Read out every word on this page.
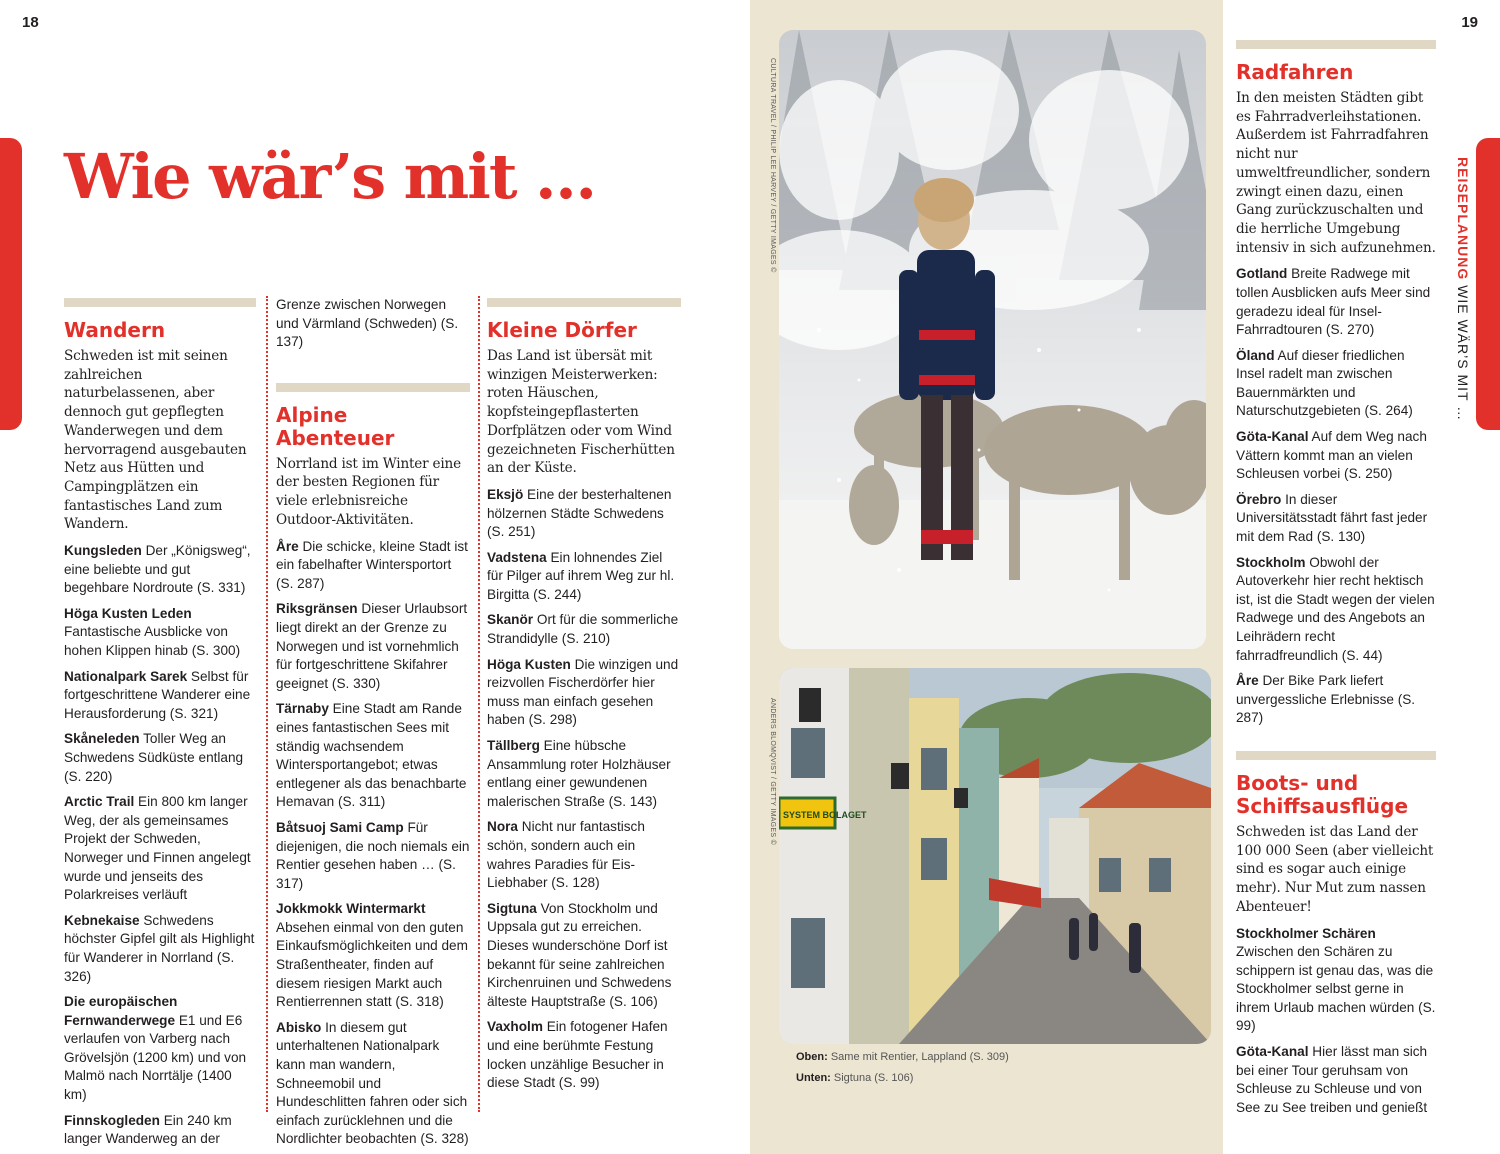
18	19
REISEPLANUNG WIE WÄR’S MIT …
Wie wär’s mit …
Wandern

Schweden ist mit seinen zahlreichen naturbelassenen, aber dennoch gut gepflegten Wanderwegen und dem hervorragend ausgebauten Netz aus Hütten und Campingplätzen ein fantastisches Land zum Wandern.

Kungsleden Der „Königsweg“, eine beliebte und gut begehbare Nordroute (S. 331)

Höga Kusten Leden Fantastische Ausblicke von hohen Klippen hinab (S. 300)

Nationalpark Sarek Selbst für fortgeschrittene Wanderer eine Herausforderung (S. 321)

Skåneleden Toller Weg an Schwedens Südküste entlang (S. 220)

Arctic Trail Ein 800 km langer Weg, der als gemeinsames Projekt der Schweden, Norweger und Finnen angelegt wurde und jenseits des Polarkreises verläuft

Kebnekaise Schwedens höchster Gipfel gilt als Highlight für Wanderer in Norrland (S. 326)

Die europäischen Fernwanderwege E1 und E6 verlaufen von Varberg nach Grövelsjön (1200 km) und von Malmö nach Norrtälje (1400 km)

Finnskogleden Ein 240 km langer Wanderweg an der

Grenze zwischen Norwegen und Värmland (Schweden) (S. 137)

Alpine Abenteuer

Norrland ist im Winter eine der besten Regionen für viele erlebnisreiche Outdoor-Aktivitäten.

Åre Die schicke, kleine Stadt ist ein fabelhafter Wintersportort (S. 287)

Riksgränsen Dieser Urlaubsort liegt direkt an der Grenze zu Norwegen und ist vornehmlich für fortgeschrittene Skifahrer geeignet (S. 330)

Tärnaby Eine Stadt am Rande eines fantastischen Sees mit ständig wachsendem Wintersportangebot; etwas entlegener als das benachbarte Hemavan (S. 311)

Båtsuoj Sami Camp Für diejenigen, die noch niemals ein Rentier gesehen haben … (S. 317)

Jokkmokk Wintermarkt Absehen einmal von den guten Einkaufsmöglichkeiten und dem Straßentheater, finden auf diesem riesigen Markt auch Rentierrennen statt (S. 318)

Abisko In diesem gut unterhaltenen Nationalpark kann man wandern, Schneemobil und Hundeschlitten fahren oder sich einfach zurücklehnen und die Nordlichter beobachten (S. 328)

Kleine Dörfer

Das Land ist übersät mit winzigen Meisterwerken: roten Häuschen, kopfsteingepflasterten Dorfplätzen oder vom Wind gezeichneten Fischerhütten an der Küste.

Eksjö Eine der besterhaltenen hölzernen Städte Schwedens (S. 251)

Vadstena Ein lohnendes Ziel für Pilger auf ihrem Weg zur hl. Birgitta (S. 244)

Skanör Ort für die sommerliche Strandidylle (S. 210)

Höga Kusten Die winzigen und reizvollen Fischerdörfer hier muss man einfach gesehen haben (S. 298)

Tällberg Eine hübsche Ansammlung roter Holzhäuser entlang einer gewundenen malerischen Straße (S. 143)

Nora Nicht nur fantastisch schön, sondern auch ein wahres Paradies für Eis-Liebhaber (S. 128)

Sigtuna Von Stockholm und Uppsala gut zu erreichen. Dieses wunderschöne Dorf ist bekannt für seine zahlreichen Kirchenruinen und Schwedens älteste Hauptstraße (S. 106)

Vaxholm Ein fotogener Hafen und eine berühmte Festung locken unzählige Besucher in diese Stadt (S. 99)

CULTURA TRAVEL / PHILIP LEE HARVEY / GETTY IMAGES ©
SYSTEM BOLAGET
ANDERS BLOMQVIST / GETTY IMAGES ©
Oben: Same mit Rentier, Lappland (S. 309)
Unten: Sigtuna (S. 106)
Radfahren

In den meisten Städten gibt es Fahrradverleihstationen. Außerdem ist Fahrradfahren nicht nur umweltfreundlicher, sondern zwingt einen dazu, einen Gang zurückzuschalten und die herrliche Umgebung intensiv in sich aufzunehmen.

Gotland Breite Radwege mit tollen Ausblicken aufs Meer sind geradezu ideal für Insel-Fahrradtouren (S. 270)

Öland Auf dieser friedlichen Insel radelt man zwischen Bauernmärkten und Naturschutzgebieten (S. 264)

Göta-Kanal Auf dem Weg nach Vättern kommt man an vielen Schleusen vorbei (S. 250)

Örebro In dieser Universitätsstadt fährt fast jeder mit dem Rad (S. 130)

Stockholm Obwohl der Autoverkehr hier recht hektisch ist, ist die Stadt wegen der vielen Radwege und des Angebots an Leihrädern recht fahrradfreundlich (S. 44)

Åre Der Bike Park liefert unvergessliche Erlebnisse (S. 287)

Boots- und Schiffsausflüge

Schweden ist das Land der 100 000 Seen (aber vielleicht sind es sogar auch einige mehr). Nur Mut zum nassen Abenteuer!

Stockholmer Schären Zwischen den Schären zu schippern ist genau das, was die Stockholmer selbst gerne in ihrem Urlaub machen würden (S. 99)

Göta-Kanal Hier lässt man sich bei einer Tour geruhsam von Schleuse zu Schleuse und von See zu See treiben und genießt
